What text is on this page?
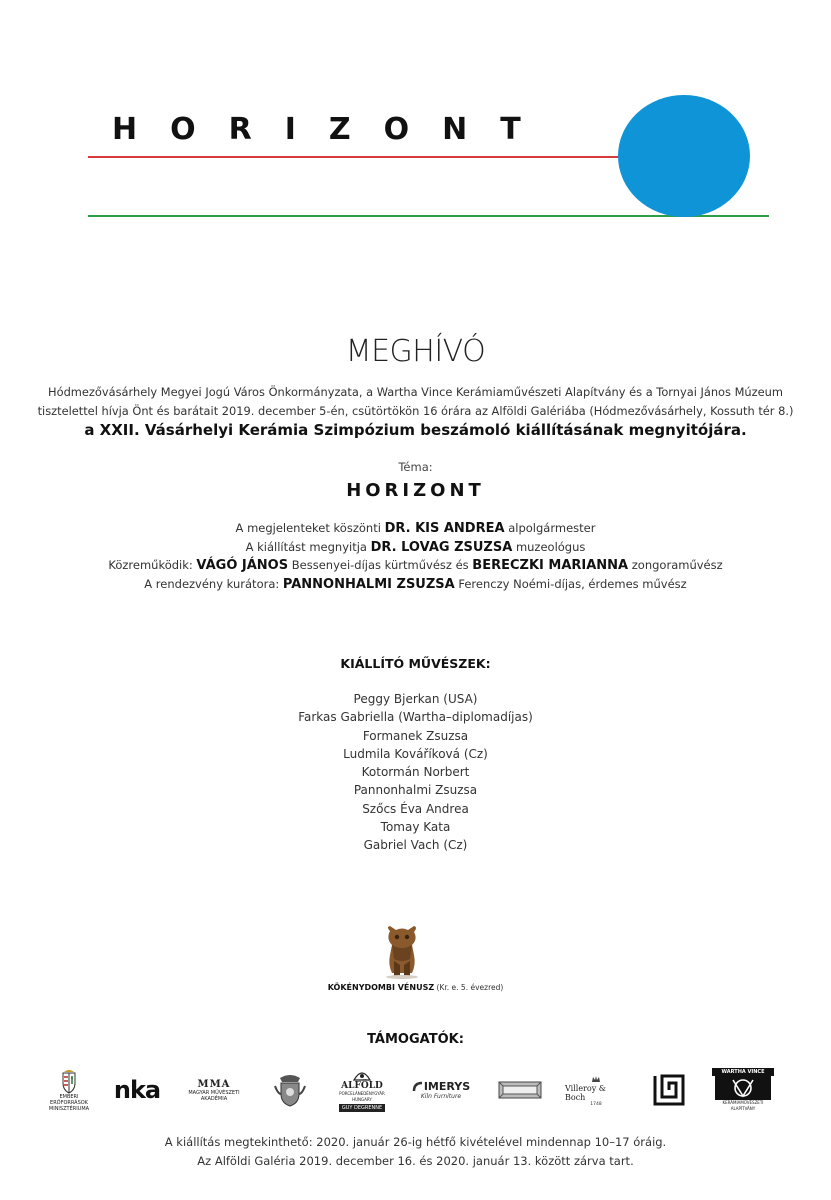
HORIZONT
MEGHÍVÓ
Hódmezővásárhely Megyei Jogú Város Önkormányzata, a Wartha Vince Kerámiaművészeti Alapítvány és a Tornyai János Múzeum
tisztelettel hívja Önt és barátait 2019. december 5-én, csütörtökön 16 órára az Alföldi Galériába (Hódmezővásárhely, Kossuth tér 8.)
a XXII. Vásárhelyi Kerámia Szimpózium beszámoló kiállításának megnyitójára.
Téma:
HORIZONT
A megjelenteket köszönti DR. KIS ANDREA alpolgármester
A kiállítást megnyitja DR. LOVAG ZSUZSA muzeológus
Közreműködik: VÁGÓ JÁNOS Bessenyei-díjas kürtművész és BERECZKI MARIANNA zongoraművész
A rendezvény kurátora: PANNONHALMI ZSUZSA Ferenczy Noémi-díjas, érdemes művész
KIÁLLÍTÓ MŰVÉSZEK:
Peggy Bjerkan (USA)
Farkas Gabriella (Wartha–diplomadíjas)
Formanek Zsuzsa
Ludmila Kováříková (Cz)
Kotormán Norbert
Pannonhalmi Zsuzsa
Szőcs Éva Andrea
Tomay Kata
Gabriel Vach (Cz)
KÖKÉNYDOMBI VÉNUSZ (Kr. e. 5. évezred)
TÁMOGATÓK:
EMBERI ERŐFORRÁSOK MINISZTÉRIUMA
nka	MMA
MAGYAR MŰVÉSZETI AKADÉMIA
ALFÖLD
PORCELÁNEDÉNYGYÁR HUNGARY
GUY DEGRENNE
IMERYS
Kiln Furniture
Villeroy & Boch
1748
WARTHA VINCE
KERÁMIAMŰVÉSZETI ALAPÍTVÁNY
A kiállítás megtekinthető: 2020. január 26-ig hétfő kivételével mindennap 10–17 óráig.
Az Alföldi Galéria 2019. december 16. és 2020. január 13. között zárva tart.
